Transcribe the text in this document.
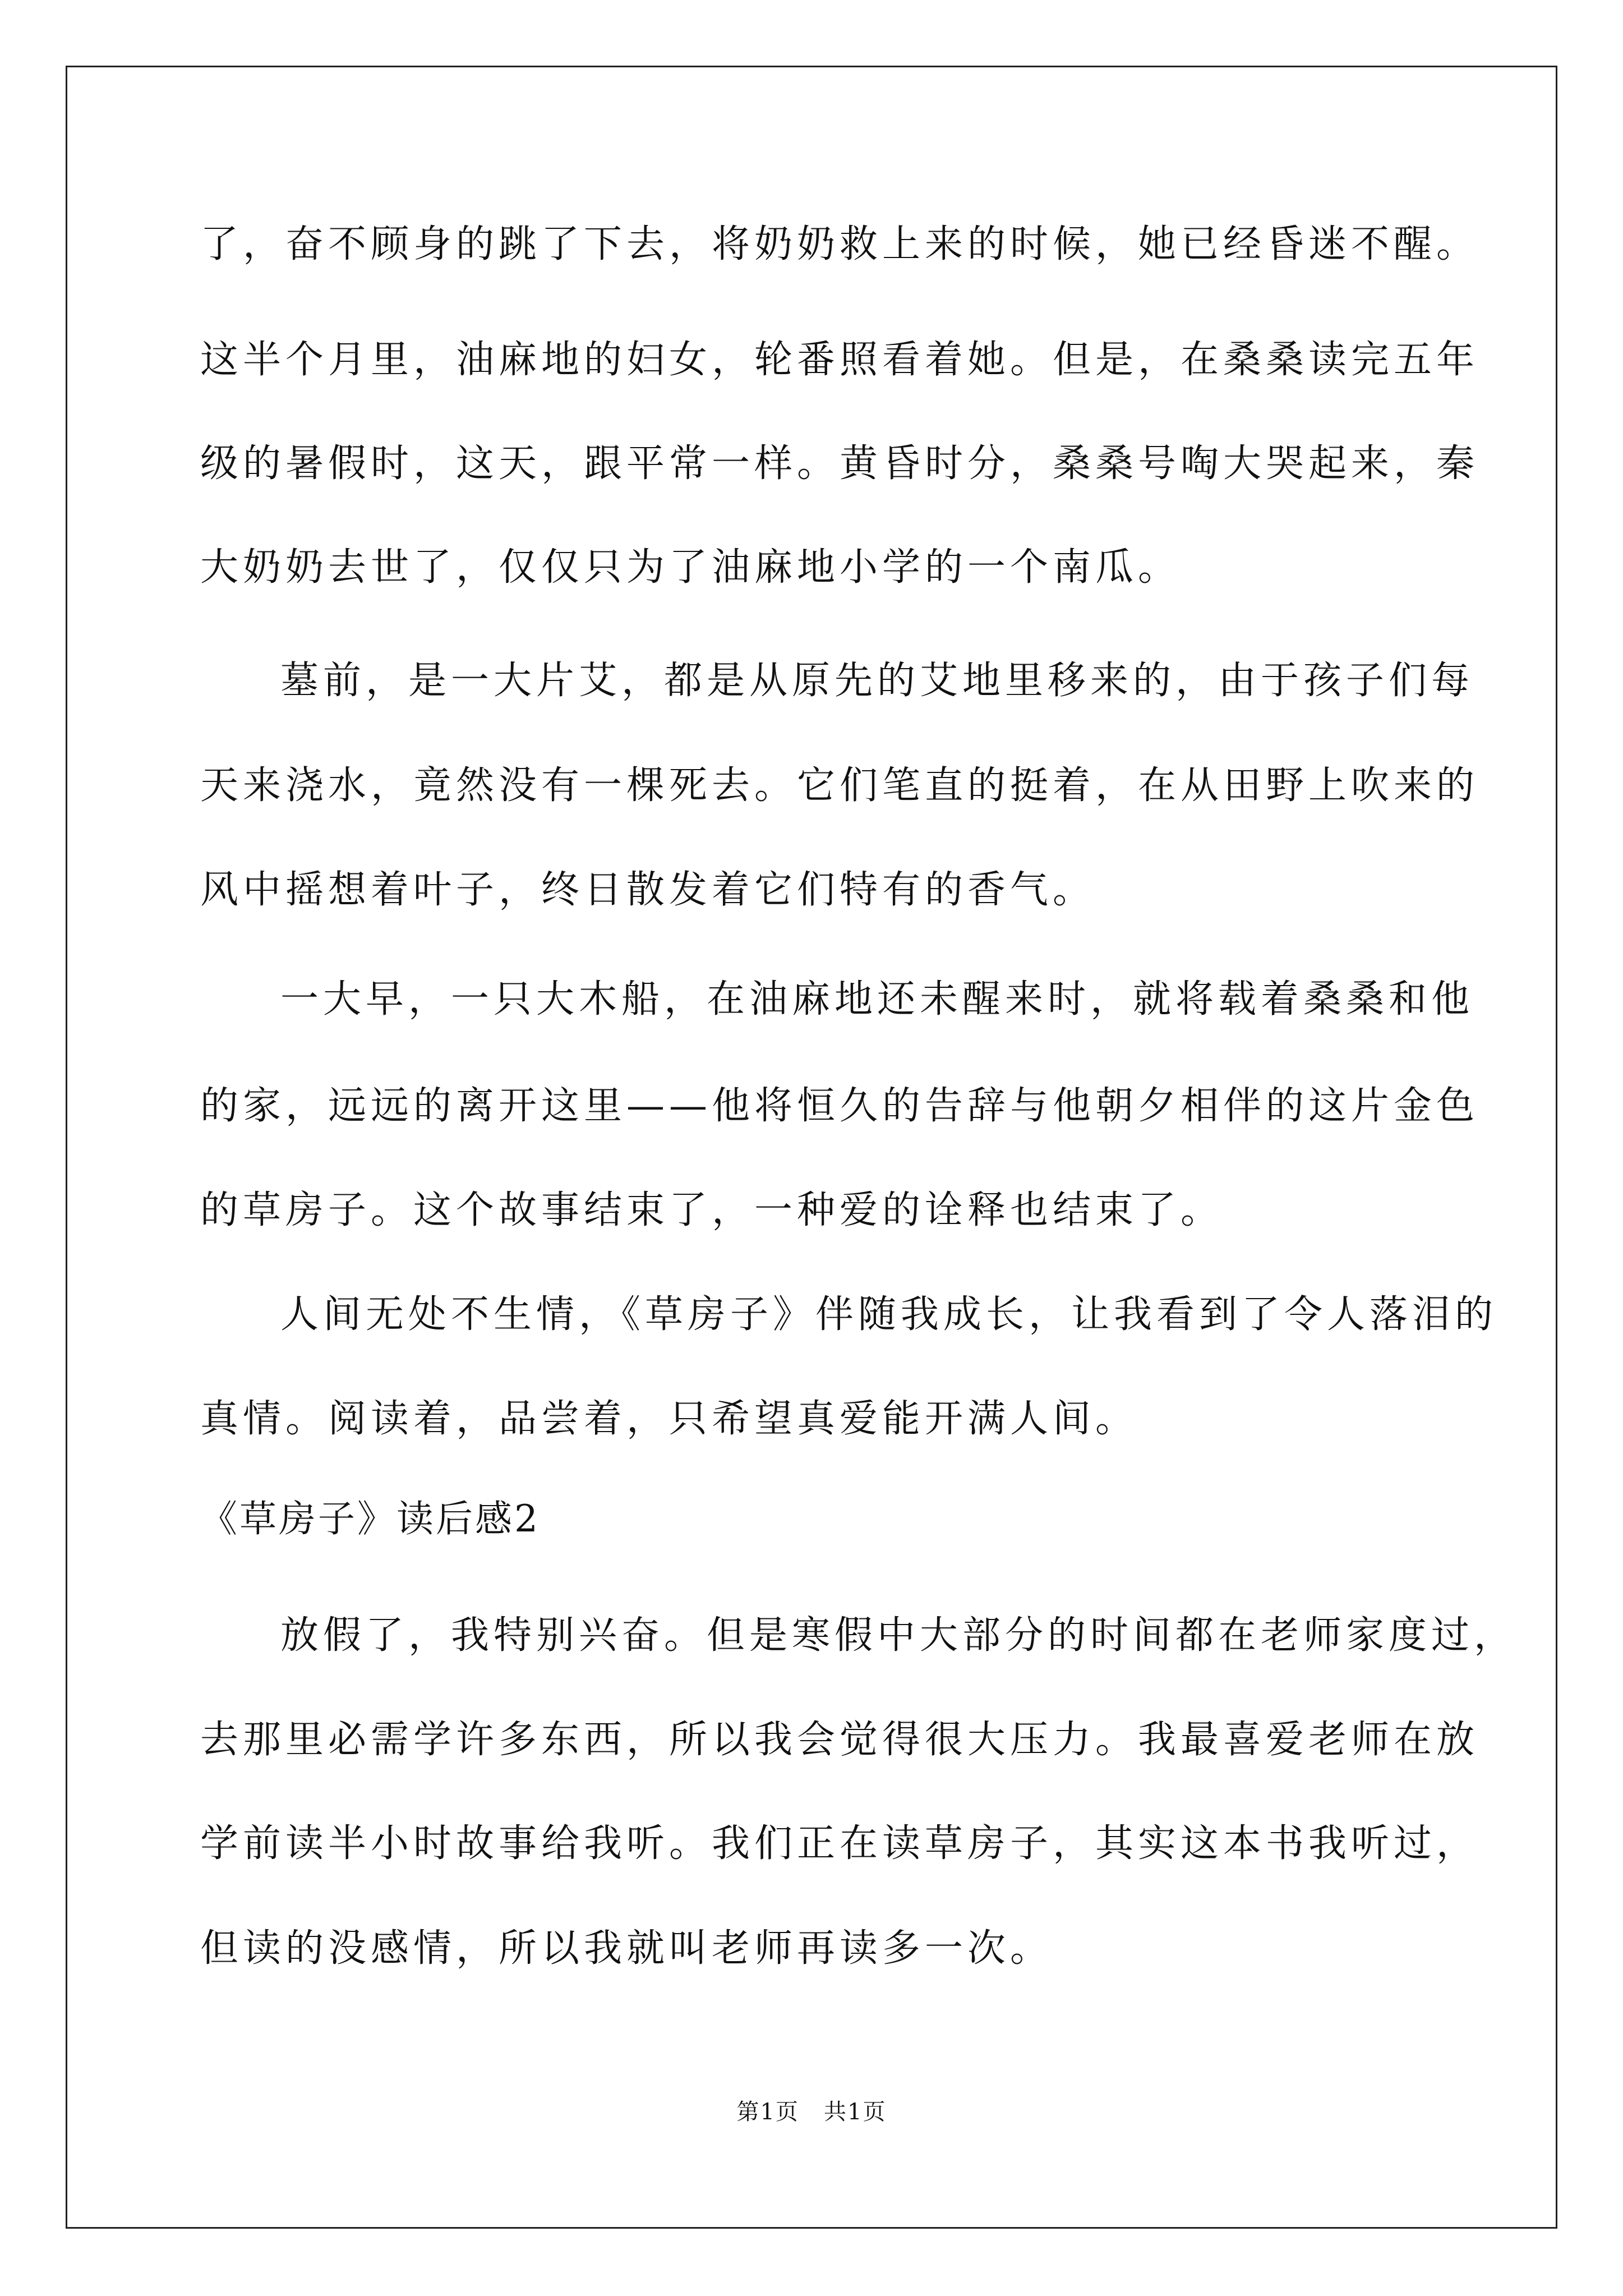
了，奋不顾身的跳了下去，将奶奶救上来的时候，她已经昏迷不醒。
这半个月里，油麻地的妇女，轮番照看着她。但是，在桑桑读完五年
级的暑假时，这天，跟平常一样。黄昏时分，桑桑号啕大哭起来，秦
大奶奶去世了，仅仅只为了油麻地小学的一个南瓜。
墓前，是一大片艾，都是从原先的艾地里移来的，由于孩子们每
天来浇水，竟然没有一棵死去。它们笔直的挺着，在从田野上吹来的
风中摇想着叶子，终日散发着它们特有的香气。
一大早，一只大木船，在油麻地还未醒来时，就将载着桑桑和他
的家，远远的离开这里——他将恒久的告辞与他朝夕相伴的这片金色
的草房子。这个故事结束了，一种爱的诠释也结束了。
人间无处不生情，《草房子》伴随我成长，让我看到了令人落泪的
真情。阅读着，品尝着，只希望真爱能开满人间。
《草房子》读后感2
放假了，我特别兴奋。但是寒假中大部分的时间都在老师家度过，
去那里必需学许多东西，所以我会觉得很大压力。我最喜爱老师在放
学前读半小时故事给我听。我们正在读草房子，其实这本书我听过，
但读的没感情，所以我就叫老师再读多一次。
第1页   共1页
